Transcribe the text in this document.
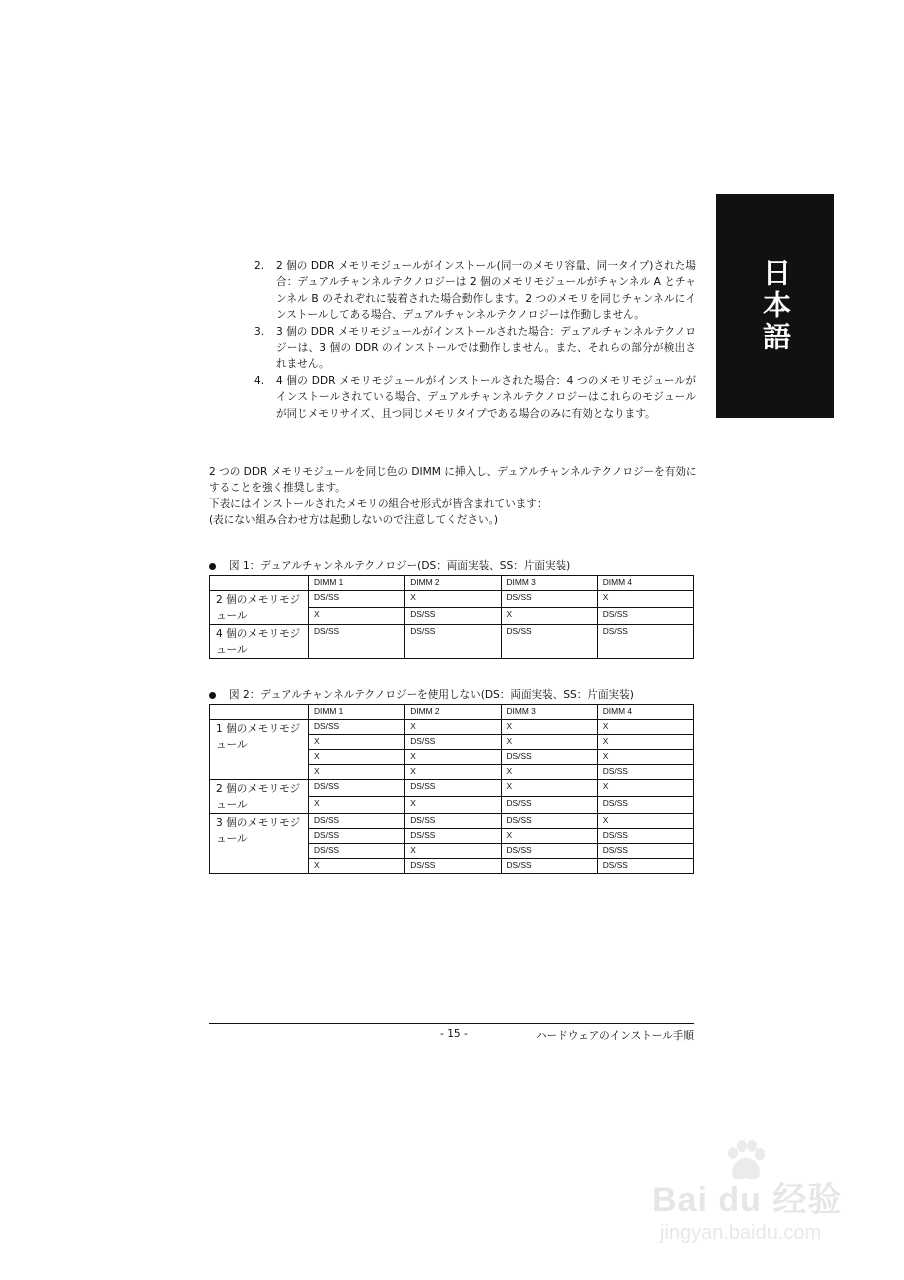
日本語
2.	2 個の DDR メモリモジュールがインストール(同一のメモリ容量、同一タイプ)された場合：デュアルチャンネルテクノロジーは 2 個のメモリモジュールがチャンネル A とチャンネル B のそれぞれに装着された場合動作します。2 つのメモリを同じチャンネルにインストールしてある場合、デュアルチャンネルテクノロジーは作動しません。
3.	3 個の DDR メモリモジュールがインストールされた場合：デュアルチャンネルテクノロジーは、3 個の DDR のインストールでは動作しません。また、それらの部分が検出されません。
4.	4 個の DDR メモリモジュールがインストールされた場合：4 つのメモリモジュールがインストールされている場合、デュアルチャンネルテクノロジーはこれらのモジュールが同じメモリサイズ、且つ同じメモリタイプである場合のみに有効となります。

2 つの DDR メモリモジュールを同じ色の DIMM に挿入し、デュアルチャンネルテクノロジーを有効にすることを強く推奨します。

下表にはインストールされたメモリの組合せ形式が皆含まれています：

(表にない組み合わせ方は起動しないので注意してください。)

図 1：デュアルチャンネルテクノロジー(DS：両面実装、SS：片面実装)
	DIMM 1	DIMM 2	DIMM 3	DIMM 4
2 個のメモリモジュール	DS/SS	X	DS/SS	X
	X	DS/SS	X	DS/SS
4 個のメモリモジュール	DS/SS	DS/SS	DS/SS	DS/SS
図 2：デュアルチャンネルテクノロジーを使用しない(DS：両面実装、SS：片面実装)
	DIMM 1	DIMM 2	DIMM 3	DIMM 4
1 個のメモリモジュール	DS/SS	X	X	X
	X	DS/SS	X	X
	X	X	DS/SS	X
	X	X	X	DS/SS
2 個のメモリモジュール	DS/SS	DS/SS	X	X
	X	X	DS/SS	DS/SS
3 個のメモリモジュール	DS/SS	DS/SS	DS/SS	X
	DS/SS	DS/SS	X	DS/SS
	DS/SS	X	DS/SS	DS/SS
	X	DS/SS	DS/SS	DS/SS
- 15 -	ハードウェアのインストール手順
Bai du 经验
jingyan.baidu.com
